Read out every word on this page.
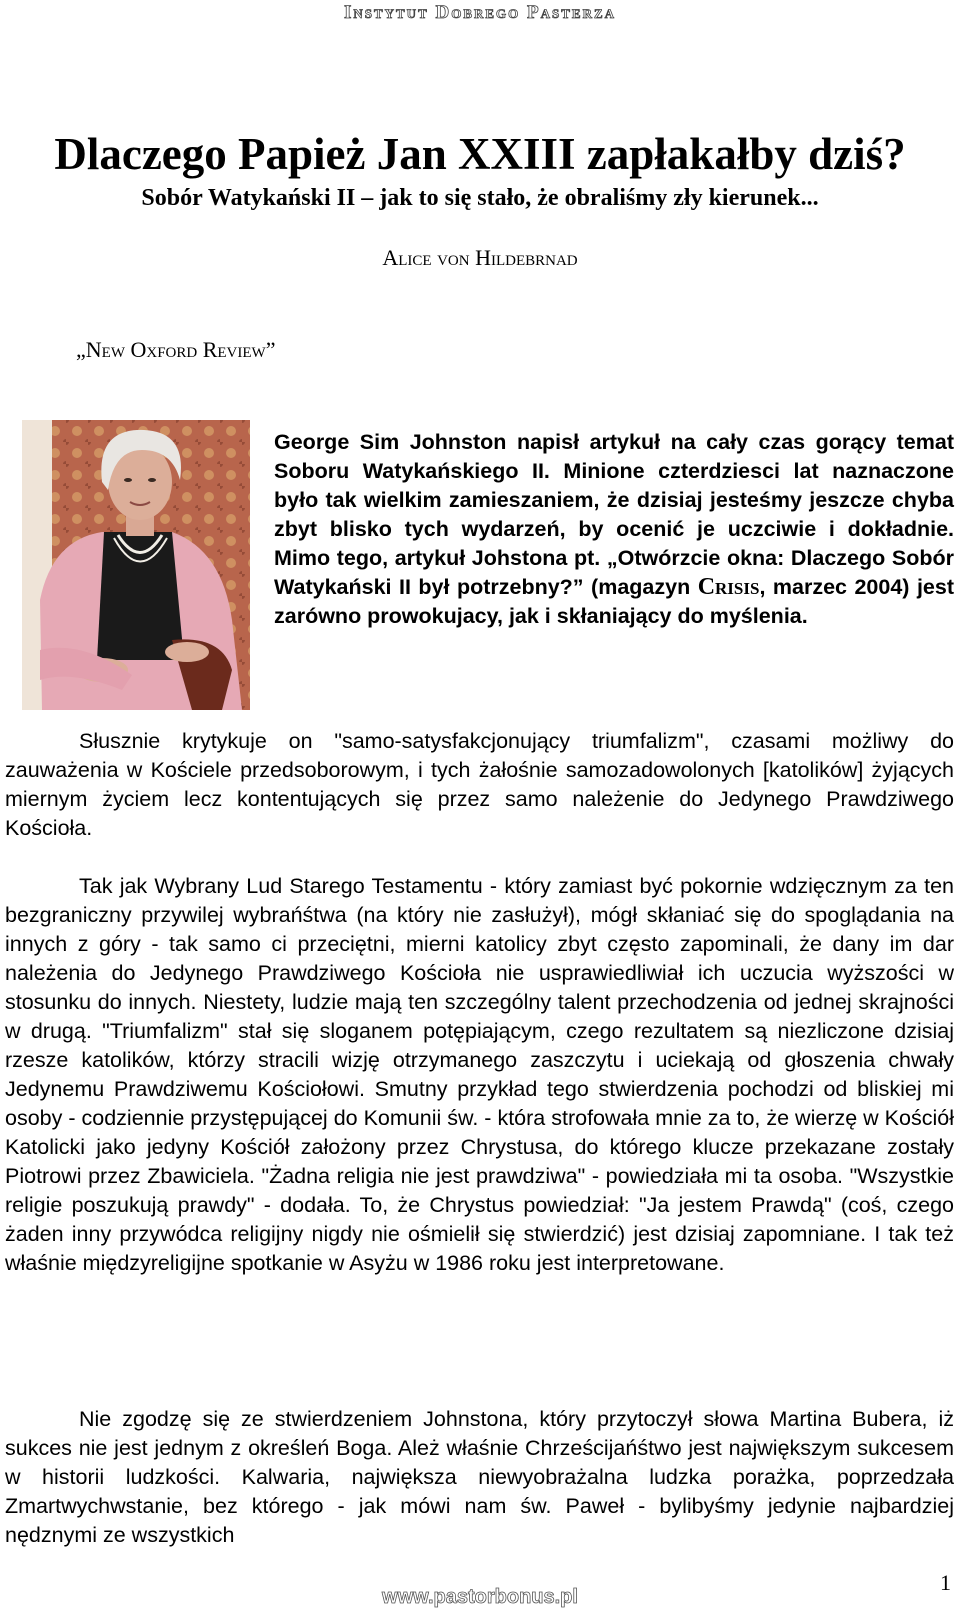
Instytut Dobrego Pasterza
Dlaczego Papież Jan XXIII zapłakałby dziś?
Sobór Watykański II – jak to się stało, że obraliśmy zły kierunek...
Alice von Hildebrnad
„New Oxford Review”

George Sim Johnston napisł artykuł na cały czas gorący temat Soboru Watykańskiego II. Minione czterdziesci lat naznaczone było tak wielkim zamieszaniem, że dzisiaj jesteśmy jeszcze chyba zbyt blisko tych wydarzeń, by ocenić je uczciwie i dokładnie. Mimo tego, artykuł Johstona pt. „Otwórzcie okna: Dlaczego Sobór Watykański II był potrzebny?” (magazyn Crisis, marzec 2004) jest zarówno prowokujacy, jak i skłaniający do myślenia.

Słusznie krytykuje on "samo-satysfakcjonujący triumfalizm", czasami możliwy do zauważenia w Kościele przedsoborowym, i tych żałośnie samozadowolonych [katolików] żyjących miernym życiem lecz kontentujących się przez samo należenie do Jedynego Prawdziwego Kościoła.

Tak jak Wybrany Lud Starego Testamentu - który zamiast być pokornie wdzięcznym za ten bezgraniczny przywilej wybrańśtwa (na który nie zasłużył), mógł skłaniać się do spoglądania na innych z góry - tak samo ci przeciętni, mierni katolicy zbyt często zapominali, że dany im dar należenia do Jedynego Prawdziwego Kościoła nie usprawiedliwiał ich uczucia wyższości w stosunku do innych. Niestety, ludzie mają ten szczególny talent przechodzenia od jednej skrajności w drugą. "Triumfalizm" stał się sloganem potępiającym, czego rezultatem są niezliczone dzisiaj rzesze katolików, którzy stracili wizję otrzymanego zaszczytu i uciekają od głoszenia chwały Jedynemu Prawdziwemu Kościołowi. Smutny przykład tego stwierdzenia pochodzi od bliskiej mi osoby - codziennie przystępującej do Komunii św. - która strofowała mnie za to, że wierzę w Kościół Katolicki jako jedyny Kościół założony przez Chrystusa, do którego klucze przekazane zostały Piotrowi przez Zbawiciela. "Żadna religia nie jest prawdziwa" - powiedziała mi ta osoba. "Wszystkie religie poszukują prawdy" - dodała. To, że Chrystus powiedział: "Ja jestem Prawdą" (coś, czego żaden inny przywódca religijny nigdy nie ośmielił się stwierdzić) jest dzisiaj zapomniane. I tak też właśnie międzyreligijne spotkanie w Asyżu w 1986 roku jest interpretowane.

Nie zgodzę się ze stwierdzeniem Johnstona, który przytoczył słowa Martina Bubera, iż sukces nie jest jednym z określeń Boga. Ależ właśnie Chrześcijańśtwo jest największym sukcesem w historii ludzkości. Kalwaria, największa niewyobrażalna ludzka porażka, poprzedzała Zmartwychwstanie, bez którego - jak mówi nam św. Paweł - bylibyśmy jedynie najbardziej nędznymi ze wszystkich

1
www.pastorbonus.pl
